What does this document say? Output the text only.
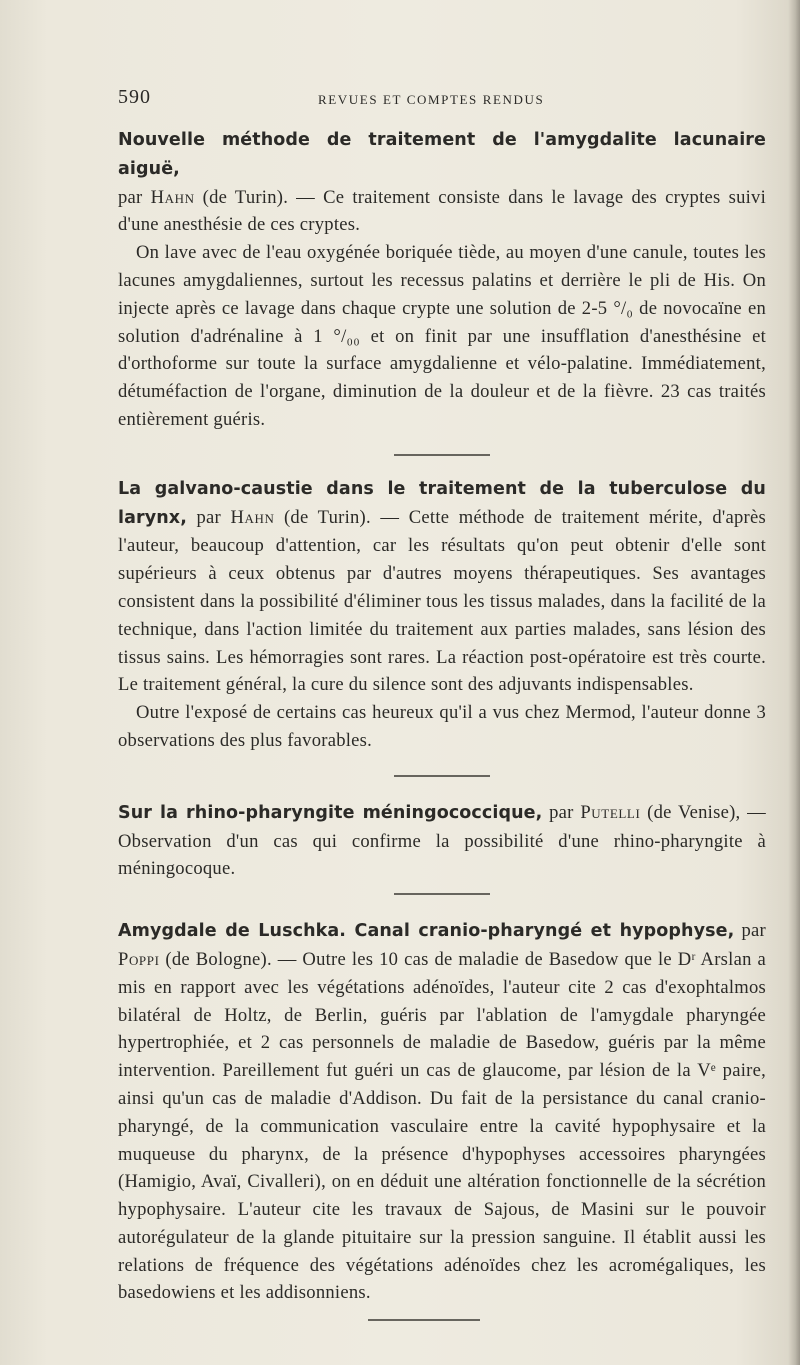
590	REVUES ET COMPTES RENDUS

Nouvelle méthode de traitement de l'amygdalite lacunaire aiguë,
par Hahn (de Turin). — Ce traitement consiste dans le lavage des cryptes suivi d'une anesthésie de ces cryptes.

On lave avec de l'eau oxygénée boriquée tiède, au moyen d'une canule, toutes les lacunes amygdaliennes, surtout les recessus palatins et derrière le pli de His. On injecte après ce lavage dans chaque crypte une solution de 2-5 °/₀ de novocaïne en solution d'adrénaline à 1 °/₀₀ et on finit par une insufflation d'anesthésine et d'orthoforme sur toute la surface amygdalienne et vélo-palatine. Immédiatement, détuméfaction de l'organe, diminution de la douleur et de la fièvre. 23 cas traités entièrement guéris.

La galvano-caustie dans le traitement de la tuberculose du larynx, par Hahn (de Turin). — Cette méthode de traitement mérite, d'après l'auteur, beaucoup d'attention, car les résultats qu'on peut obtenir d'elle sont supérieurs à ceux obtenus par d'autres moyens thérapeutiques. Ses avantages consistent dans la possibilité d'éliminer tous les tissus malades, dans la facilité de la technique, dans l'action limitée du traitement aux parties malades, sans lésion des tissus sains. Les hémorragies sont rares. La réaction post-opératoire est très courte. Le traitement général, la cure du silence sont des adjuvants indispensables.

Outre l'exposé de certains cas heureux qu'il a vus chez Mermod, l'auteur donne 3 observations des plus favorables.

Sur la rhino-pharyngite méningococcique, par Putelli (de Venise), — Observation d'un cas qui confirme la possibilité d'une rhino-pharyngite à méningocoque.

Amygdale de Luschka. Canal cranio-pharyngé et hypophyse, par Poppi (de Bologne). — Outre les 10 cas de maladie de Basedow que le Dʳ Arslan a mis en rapport avec les végétations adénoïdes, l'auteur cite 2 cas d'exophtalmos bilatéral de Holtz, de Berlin, guéris par l'ablation de l'amygdale pharyngée hypertrophiée, et 2 cas personnels de maladie de Basedow, guéris par la même intervention. Pareillement fut guéri un cas de glaucome, par lésion de la Vᵉ paire, ainsi qu'un cas de maladie d'Addison. Du fait de la persistance du canal cranio-pharyngé, de la communication vasculaire entre la cavité hypophysaire et la muqueuse du pharynx, de la présence d'hypophyses accessoires pharyngées (Hamigio, Avaï, Civalleri), on en déduit une altération fonctionnelle de la sécrétion hypophysaire. L'auteur cite les travaux de Sajous, de Masini sur le pouvoir autorégulateur de la glande pituitaire sur la pression sanguine. Il établit aussi les relations de fréquence des végétations adénoïdes chez les acromégaliques, les basedowiens et les addisonniens.
